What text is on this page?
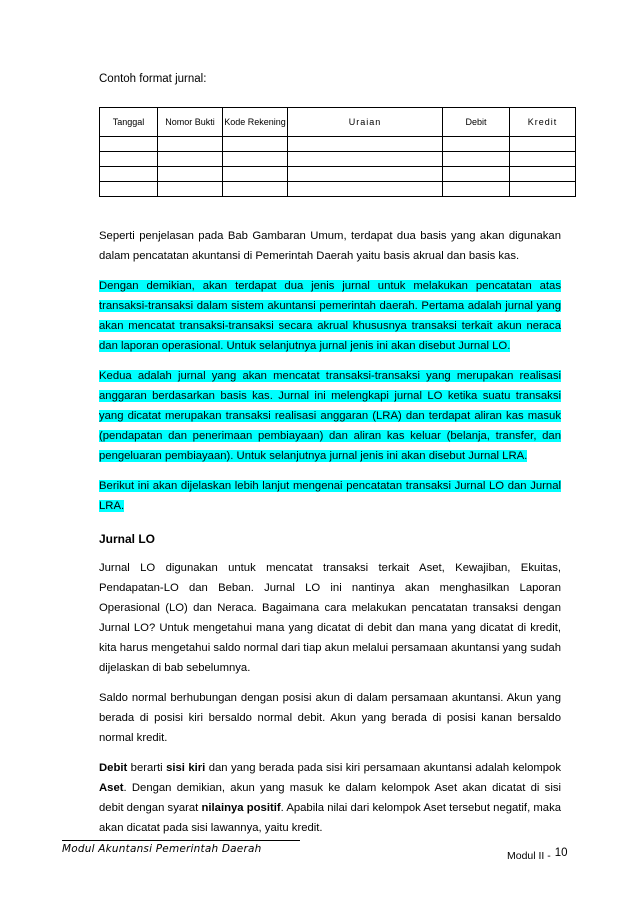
Contoh format jurnal:
Tanggal	Nomor Bukti	Kode Rekening	Uraian	Debit	Kredit

Seperti penjelasan pada Bab Gambaran Umum, terdapat dua basis yang akan digunakan dalam pencatatan akuntansi di Pemerintah Daerah yaitu basis akrual dan basis kas.

Dengan demikian, akan terdapat dua jenis jurnal untuk melakukan pencatatan atas transaksi-transaksi dalam sistem akuntansi pemerintah daerah. Pertama adalah jurnal yang akan mencatat transaksi-transaksi secara akrual khususnya transaksi terkait akun neraca dan laporan operasional. Untuk selanjutnya jurnal jenis ini akan disebut Jurnal LO.

Kedua adalah jurnal yang akan mencatat transaksi-transaksi yang merupakan realisasi anggaran berdasarkan basis kas. Jurnal ini melengkapi jurnal LO ketika suatu transaksi yang dicatat merupakan transaksi realisasi anggaran (LRA) dan terdapat aliran kas masuk (pendapatan dan penerimaan pembiayaan) dan aliran kas keluar (belanja, transfer, dan pengeluaran pembiayaan). Untuk selanjutnya jurnal jenis ini akan disebut Jurnal LRA.

Berikut ini akan dijelaskan lebih lanjut mengenai pencatatan transaksi Jurnal LO dan Jurnal LRA.

Jurnal LO

Jurnal LO digunakan untuk mencatat transaksi terkait Aset, Kewajiban, Ekuitas, Pendapatan-LO dan Beban. Jurnal LO ini nantinya akan menghasilkan Laporan Operasional (LO) dan Neraca. Bagaimana cara melakukan pencatatan transaksi dengan Jurnal LO? Untuk mengetahui mana yang dicatat di debit dan mana yang dicatat di kredit, kita harus mengetahui saldo normal dari tiap akun melalui persamaan akuntansi yang sudah dijelaskan di bab sebelumnya.

Saldo normal berhubungan dengan posisi akun di dalam persamaan akuntansi. Akun yang berada di posisi kiri bersaldo normal debit. Akun yang berada di posisi kanan bersaldo normal kredit.

Debit berarti sisi kiri dan yang berada pada sisi kiri persamaan akuntansi adalah kelompok Aset. Dengan demikian, akun yang masuk ke dalam kelompok Aset akan dicatat di sisi debit dengan syarat nilainya positif. Apabila nilai dari kelompok Aset tersebut negatif, maka akan dicatat pada sisi lawannya, yaitu kredit.

Modul Akuntansi Pemerintah Daerah
Modul II - 10
